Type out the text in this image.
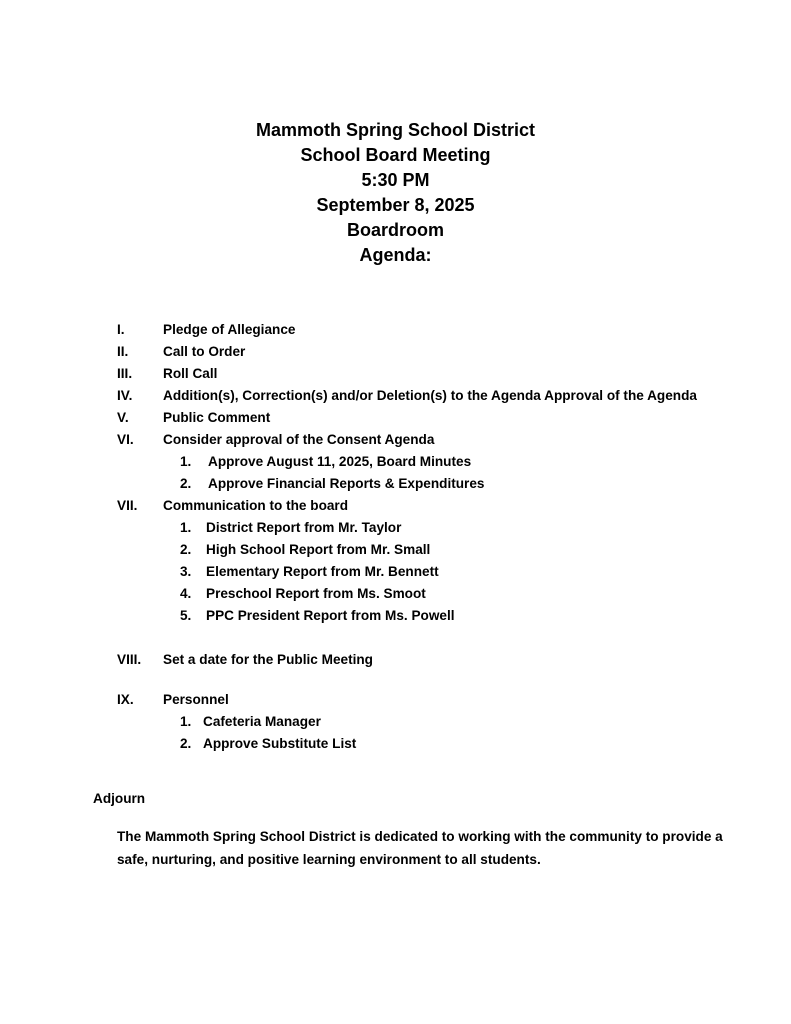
Mammoth Spring School District
School Board Meeting
5:30 PM
September 8, 2025
Boardroom
Agenda:
I.	Pledge of Allegiance
II.	Call to Order
III. Roll Call
IV. Addition(s), Correction(s) and/or Deletion(s) to the Agenda Approval of the Agenda
V.	Public Comment
VI. Consider approval of the Consent Agenda
1. Approve August 11, 2025, Board Minutes
2. Approve Financial Reports & Expenditures
VII. Communication to the board
1. District Report from Mr. Taylor
2. High School Report from Mr. Small
3. Elementary Report from Mr. Bennett
4. Preschool Report from Ms. Smoot
5. PPC President Report from Ms. Powell
VIII. Set a date for the Public Meeting
IX. Personnel
1. Cafeteria Manager
2. Approve Substitute List
Adjourn
The Mammoth Spring School District is dedicated to working with the community to provide a safe, nurturing, and positive learning environment to all students.
